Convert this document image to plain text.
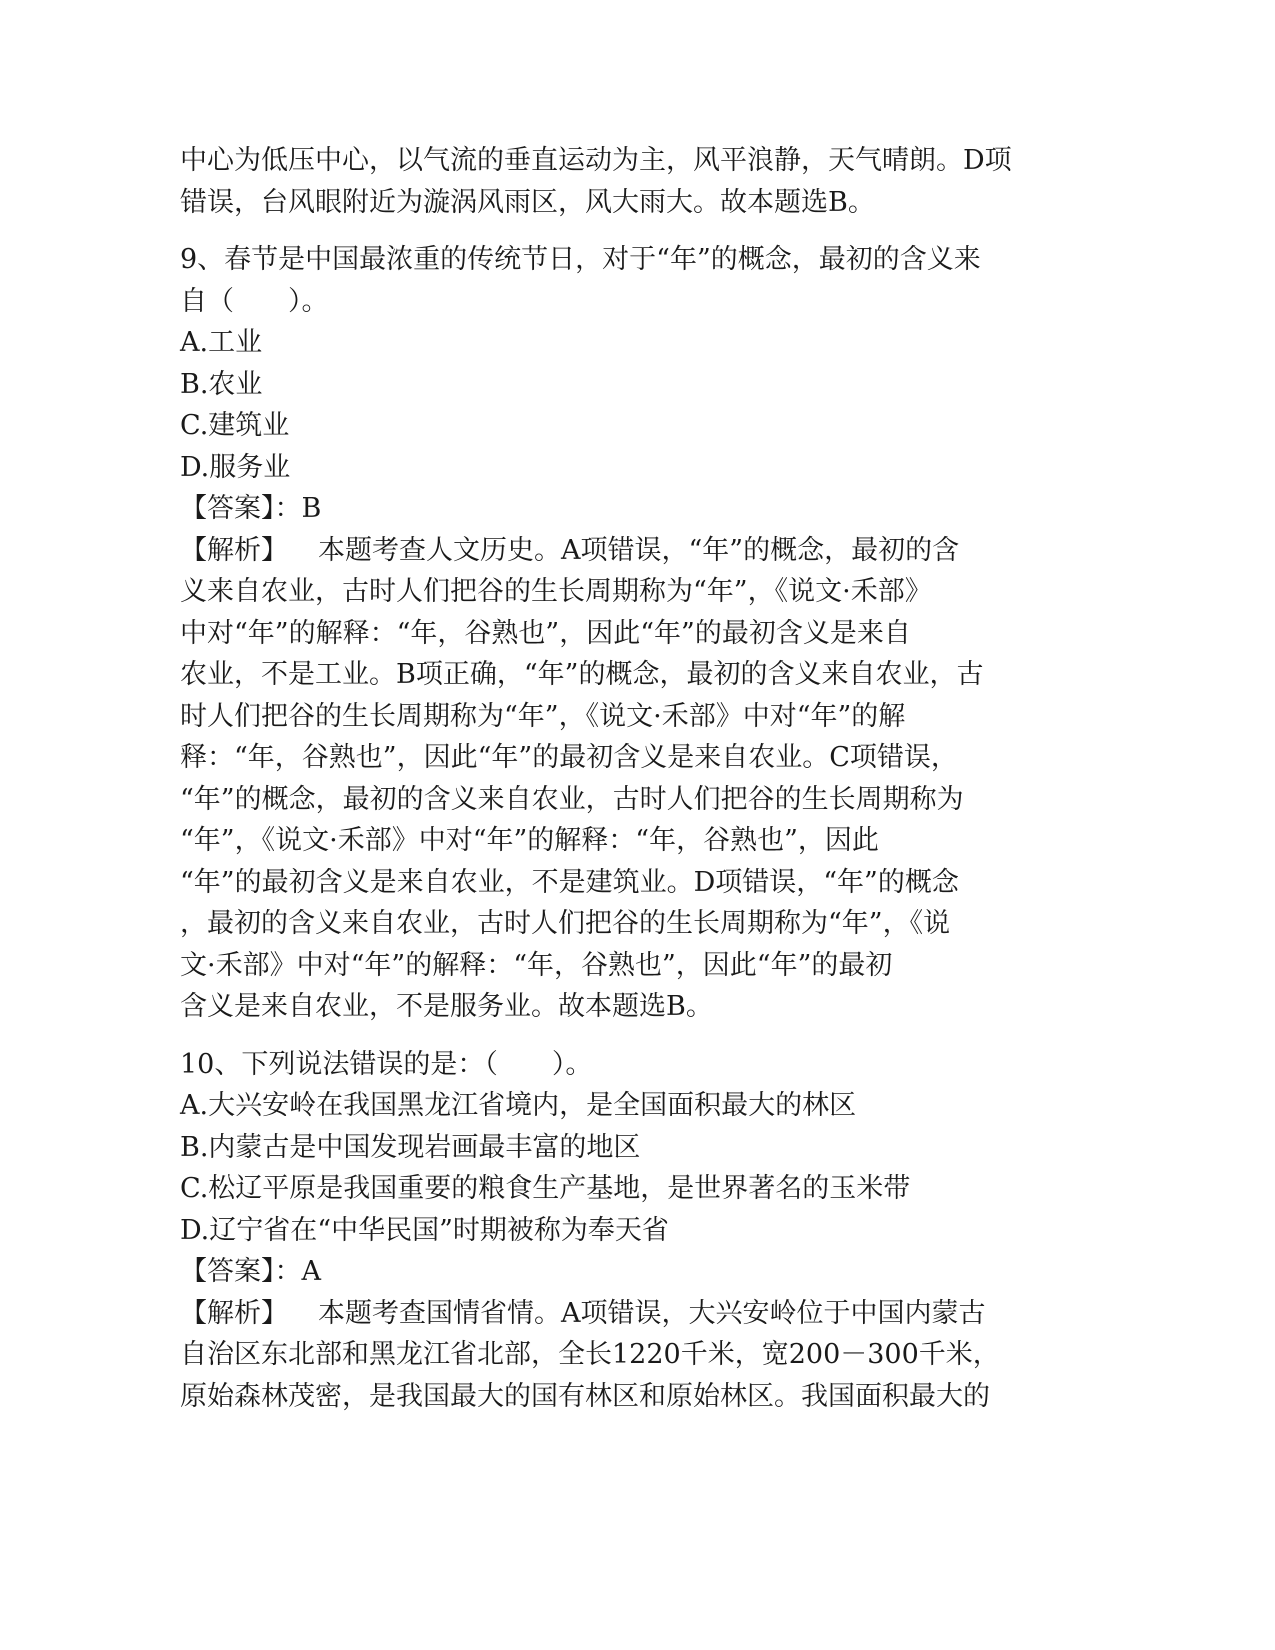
中心为低压中心，以气流的垂直运动为主，风平浪静，天气晴朗。D项
错误，台风眼附近为漩涡风雨区，风大雨大。故本题选B。
9、春节是中国最浓重的传统节日，对于“年”的概念，最初的含义来
自（　　）。
A.工业
B.农业
C.建筑业
D.服务业
【答案】：B
【解析】 本题考查人文历史。A项错误，“年”的概念，最初的含
义来自农业，古时人们把谷的生长周期称为“年”，《说文·禾部》
中对“年”的解释：“年，谷熟也”，因此“年”的最初含义是来自
农业，不是工业。B项正确，“年”的概念，最初的含义来自农业，古
时人们把谷的生长周期称为“年”，《说文·禾部》中对“年”的解
释：“年，谷熟也”，因此“年”的最初含义是来自农业。C项错误，
“年”的概念，最初的含义来自农业，古时人们把谷的生长周期称为
“年”，《说文·禾部》中对“年”的解释：“年，谷熟也”，因此
“年”的最初含义是来自农业，不是建筑业。D项错误，“年”的概念
，最初的含义来自农业，古时人们把谷的生长周期称为“年”，《说
文·禾部》中对“年”的解释：“年，谷熟也”，因此“年”的最初
含义是来自农业，不是服务业。故本题选B。
10、下列说法错误的是：（　　）。
A.大兴安岭在我国黑龙江省境内，是全国面积最大的林区
B.内蒙古是中国发现岩画最丰富的地区
C.松辽平原是我国重要的粮食生产基地，是世界著名的玉米带
D.辽宁省在“中华民国”时期被称为奉天省
【答案】：A
【解析】 本题考查国情省情。A项错误，大兴安岭位于中国内蒙古
自治区东北部和黑龙江省北部，全长1220千米，宽200－300千米，
原始森林茂密，是我国最大的国有林区和原始林区。我国面积最大的
